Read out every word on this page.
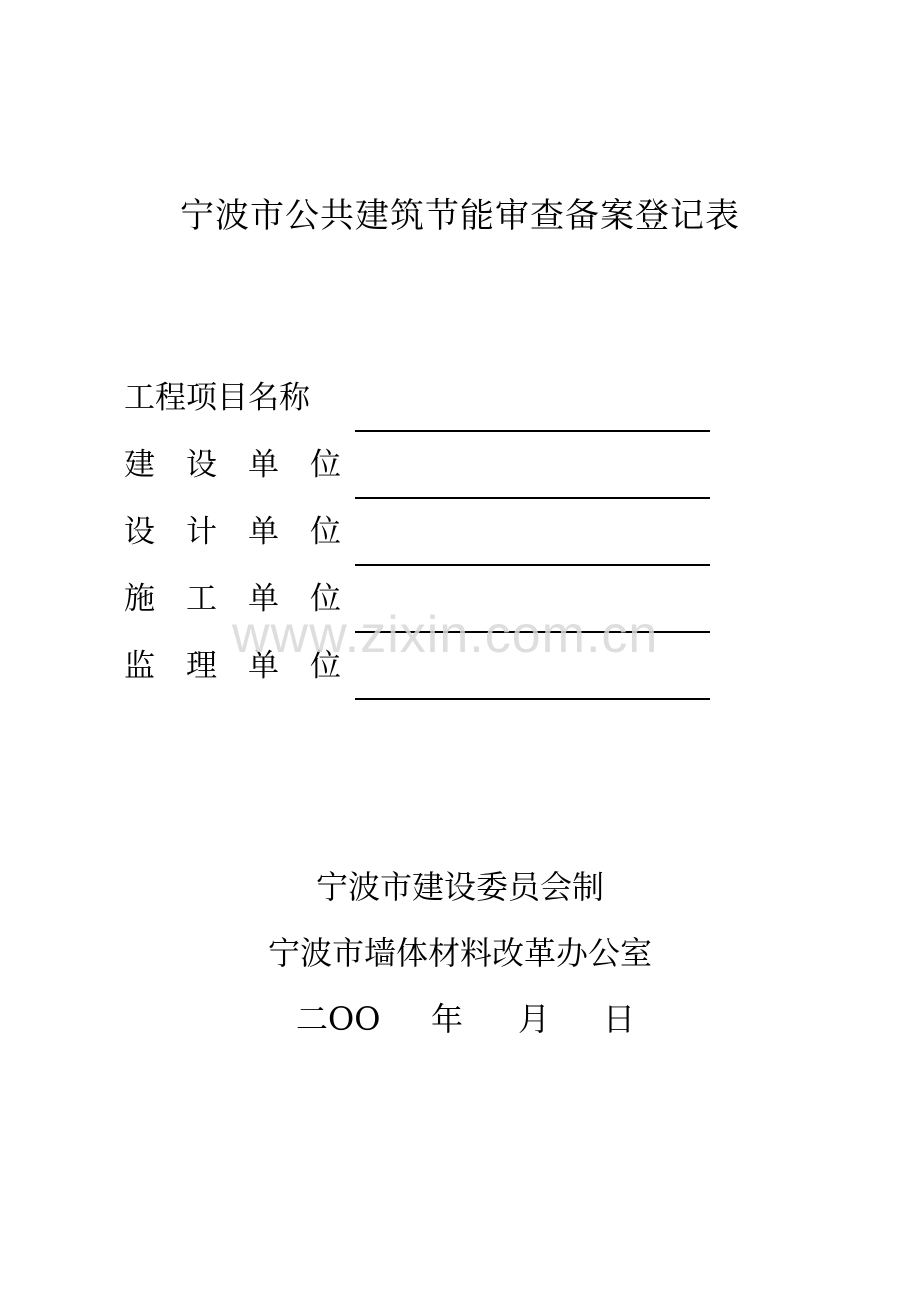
宁波市公共建筑节能审查备案登记表
工程项目名称
建设单位
设计单位
施工单位
监理单位
www.zixin.com.cn
宁波市建设委员会制
宁波市墙体材料改革办公室
二OO 年 月 日
